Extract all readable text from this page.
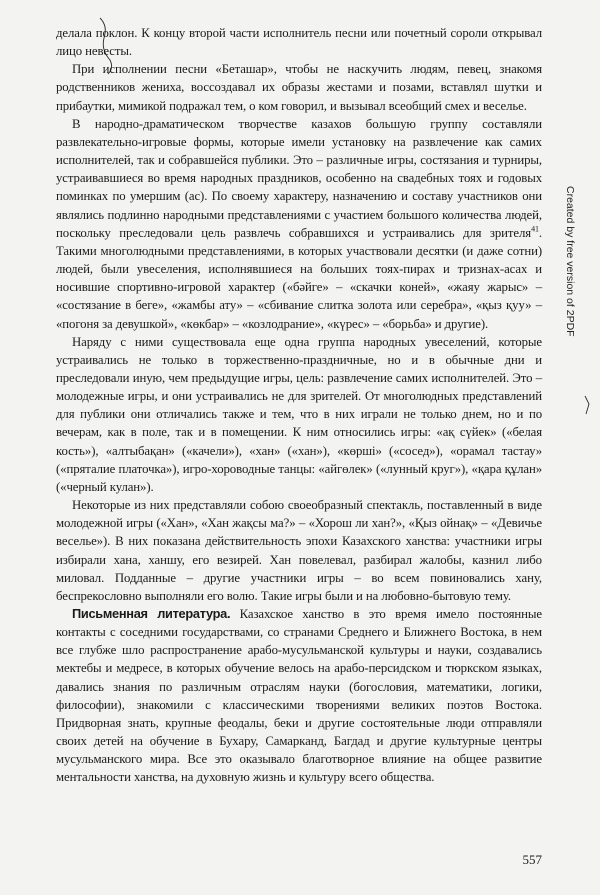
делала поклон. К концу второй части исполнитель песни или почетный сороли открывал лицо невесты.

При исполнении песни «Беташар», чтобы не наскучить людям, певец, знакомя родственников жениха, воссоздавал их образы жестами и позами, вставлял шутки и прибаутки, мимикой подражал тем, о ком говорил, и вызывал всеобщий смех и веселье.

В народно-драматическом творчестве казахов большую группу составляли развлекательно-игровые формы, которые имели установку на развлечение как самих исполнителей, так и собравшейся публики. Это – различные игры, состязания и турниры, устраивавшиеся во время народных праздников, особенно на свадебных тоях и годовых поминках по умершим (ас). По своему характеру, назначению и составу участников они являлись подлинно народными представлениями с участием большого количества людей, поскольку преследовали цель развлечь собравшихся и устраивались для зрителя$^{41}$. Такими многолюдными представлениями, в которых участвовали десятки (и даже сотни) людей, были увеселения, исполнявшиеся на больших тоях-пирах и тризнах-асах и носившие спортивно-игровой характер («бәйге» – «скачки коней», «жаяу жарыс» – «состязание в беге», «жамбы ату» – «сбивание слитка золота или серебра», «қыз қуу» – «погоня за девушкой», «көкбар» – «козлодрание», «күрес» – «борьба» и другие).

Наряду с ними существовала еще одна группа народных увеселений, которые устраивались не только в торжественно-праздничные, но и в обычные дни и преследовали иную, чем предыдущие игры, цель: развлечение самих исполнителей. Это – молодежные игры, и они устраивались не для зрителей. От многолюдных представлений для публики они отличались также и тем, что в них играли не только днем, но и по вечерам, как в поле, так и в помещении. К ним относились игры: «ақ сүйек» («белая кость»), «алтыбақан» («качели»), «хан» («хан»), «көрші» («сосед»), «орамал тастау» («пряталие платочка»), игро-хороводные танцы: «айгөлек» («лунный круг»), «қара құлан» («черный кулан»).

Некоторые из них представляли собою своеобразный спектакль, поставленный в виде молодежной игры («Хан», «Хан жақсы ма?» – «Хорош ли хан?», «Қыз ойнақ» – «Девичье веселье»). В них показана действительность эпохи Казахского ханства: участники игры избирали хана, ханшу, его везирей. Хан повелевал, разбирал жалобы, казнил либо миловал. Подданные – другие участники игры – во всем повиновались хану, беспрекословно выполняли его волю. Такие игры были и на любовно-бытовую тему.

Письменная литература. Казахское ханство в это время имело постоянные контакты с соседними государствами, со странами Среднего и Ближнего Востока, в нем все глубже шло распространение арабо-мусульманской культуры и науки, создавались мектебы и медресе, в которых обучение велось на арабо-персидском и тюркском языках, давались знания по различным отраслям науки (богословия, математики, логики, философии), знакомили с классическими творениями великих поэтов Востока. Придворная знать, крупные феодалы, беки и другие состоятельные люди отправляли своих детей на обучение в Бухару, Самарканд, Багдад и другие культурные центры мусульманского мира. Все это оказывало благотворное влияние на общее развитие ментальности ханства, на духовную жизнь и культуру всего общества.

Created by free version of 2PDF
557
